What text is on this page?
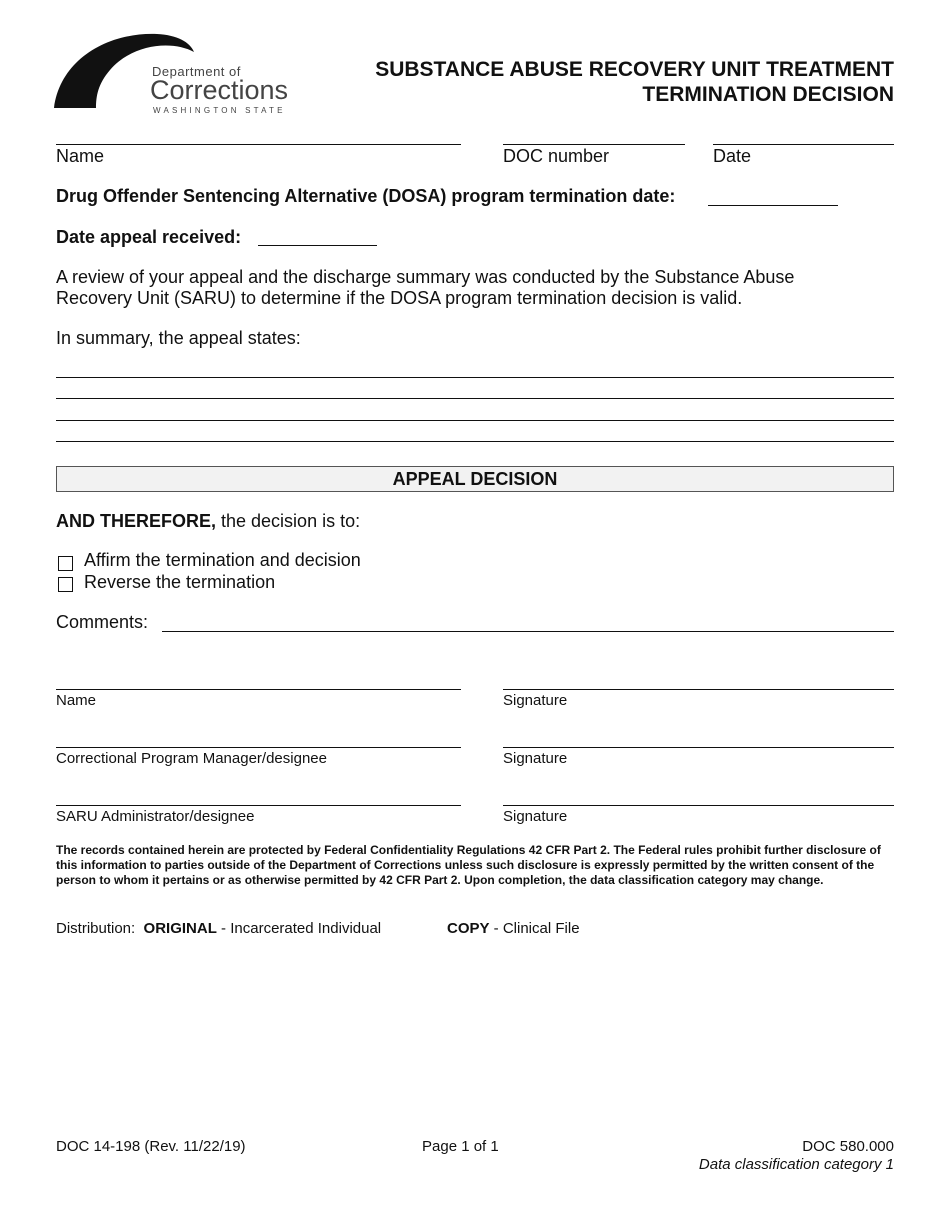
Department of
Corrections
WASHINGTON STATE
SUBSTANCE ABUSE RECOVERY UNIT TREATMENT
TERMINATION DECISION
Name	DOC number	Date
Drug Offender Sentencing Alternative (DOSA) program termination date:
Date appeal received:
A review of your appeal and the discharge summary was conducted by the Substance Abuse
Recovery Unit (SARU) to determine if the DOSA program termination decision is valid.
In summary, the appeal states:
APPEAL DECISION
AND THEREFORE, the decision is to:
Affirm the termination and decision
Reverse the termination
Comments:
Name	Signature
Correctional Program Manager/designee	Signature
SARU Administrator/designee	Signature
The records contained herein are protected by Federal Confidentiality Regulations 42 CFR Part 2. The Federal rules prohibit further disclosure of this information to parties outside of the Department of Corrections unless such disclosure is expressly permitted by the written consent of the person to whom it pertains or as otherwise permitted by 42 CFR Part 2. Upon completion, the data classification category may change.
Distribution: ORIGINAL - Incarcerated Individual	COPY - Clinical File
DOC 14-198 (Rev. 11/22/19)	Page 1 of 1	DOC 580.000
Data classification category 1
